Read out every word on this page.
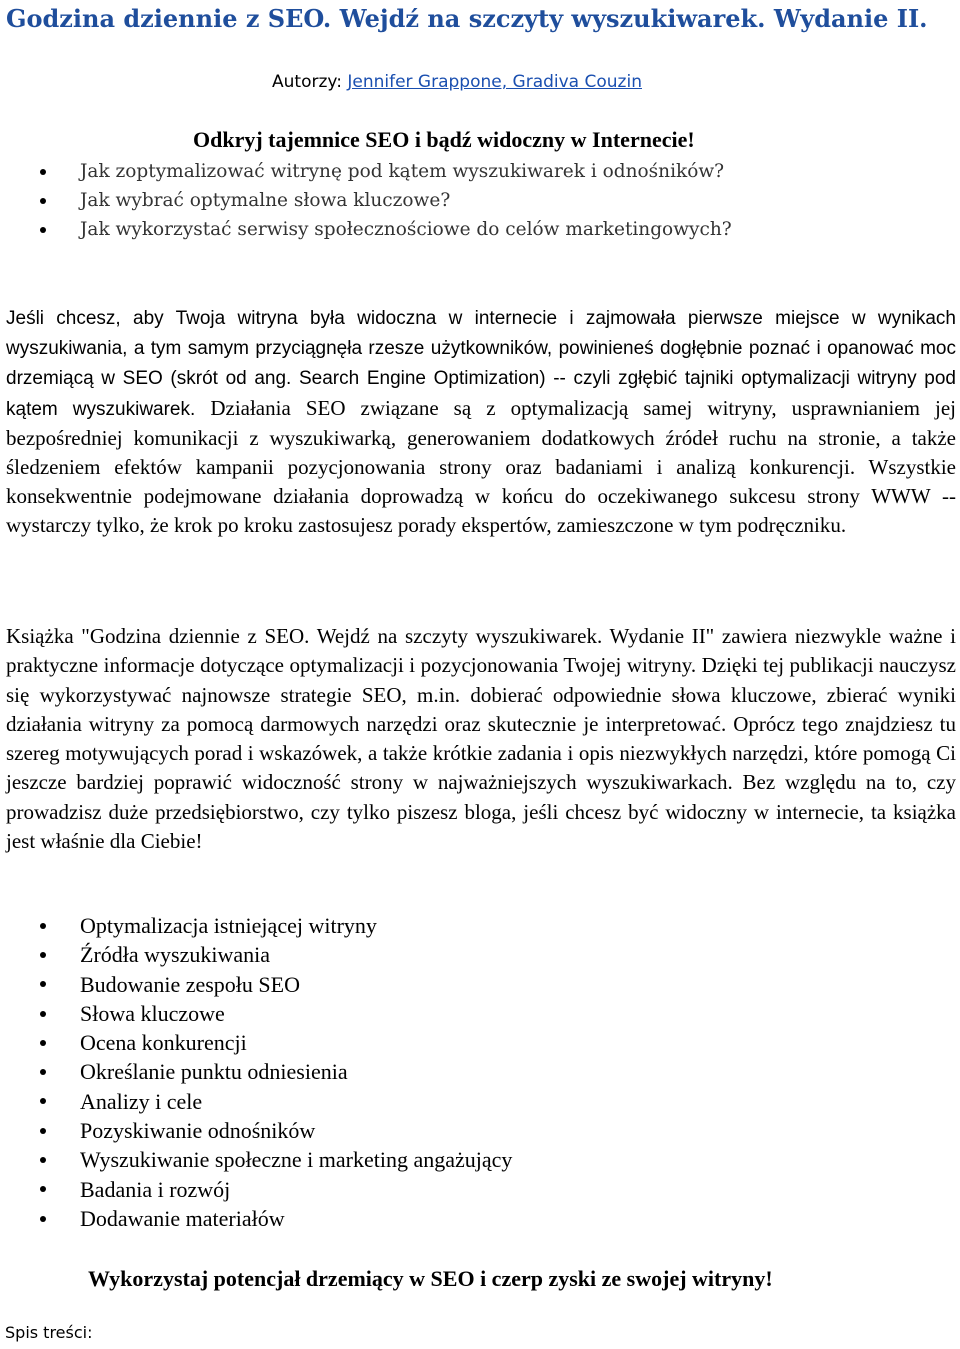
Godzina dziennie z SEO. Wejdź na szczyty wyszukiwarek. Wydanie II.
Autorzy: Jennifer Grappone, Gradiva Couzin
Odkryj tajemnice SEO i bądź widoczny w Internecie!
Jak zoptymalizować witrynę pod kątem wyszukiwarek i odnośników?
Jak wybrać optymalne słowa kluczowe?
Jak wykorzystać serwisy społecznościowe do celów marketingowych?

Jeśli chcesz, aby Twoja witryna była widoczna w internecie i zajmowała pierwsze miejsce w wynikach wyszukiwania, a tym samym przyciągnęła rzesze użytkowników, powinieneś dogłębnie poznać i opanować moc drzemiącą w SEO (skrót od ang. Search Engine Optimization) -- czyli zgłębić tajniki optymalizacji witryny pod kątem wyszukiwarek. Działania SEO związane są z optymalizacją samej witryny, usprawnianiem jej bezpośredniej komunikacji z wyszukiwarką, generowaniem dodatkowych źródeł ruchu na stronie, a także śledzeniem efektów kampanii pozycjonowania strony oraz badaniami i analizą konkurencji. Wszystkie konsekwentnie podejmowane działania doprowadzą w końcu do oczekiwanego sukcesu strony WWW -- wystarczy tylko, że krok po kroku zastosujesz porady ekspertów, zamieszczone w tym podręczniku.

Książka "Godzina dziennie z SEO. Wejdź na szczyty wyszukiwarek. Wydanie II" zawiera niezwykle ważne i praktyczne informacje dotyczące optymalizacji i pozycjonowania Twojej witryny. Dzięki tej publikacji nauczysz się wykorzystywać najnowsze strategie SEO, m.in. dobierać odpowiednie słowa kluczowe, zbierać wyniki działania witryny za pomocą darmowych narzędzi oraz skutecznie je interpretować. Oprócz tego znajdziesz tu szereg motywujących porad i wskazówek, a także krótkie zadania i opis niezwykłych narzędzi, które pomogą Ci jeszcze bardziej poprawić widoczność strony w najważniejszych wyszukiwarkach. Bez względu na to, czy prowadzisz duże przedsiębiorstwo, czy tylko piszesz bloga, jeśli chcesz być widoczny w internecie, ta książka jest właśnie dla Ciebie!

Optymalizacja istniejącej witryny
Źródła wyszukiwania
Budowanie zespołu SEO
Słowa kluczowe
Ocena konkurencji
Określanie punktu odniesienia
Analizy i cele
Pozyskiwanie odnośników
Wyszukiwanie społeczne i marketing angażujący
Badania i rozwój
Dodawanie materiałów
Wykorzystaj potencjał drzemiący w SEO i czerp zyski ze swojej witryny!
Spis treści:
